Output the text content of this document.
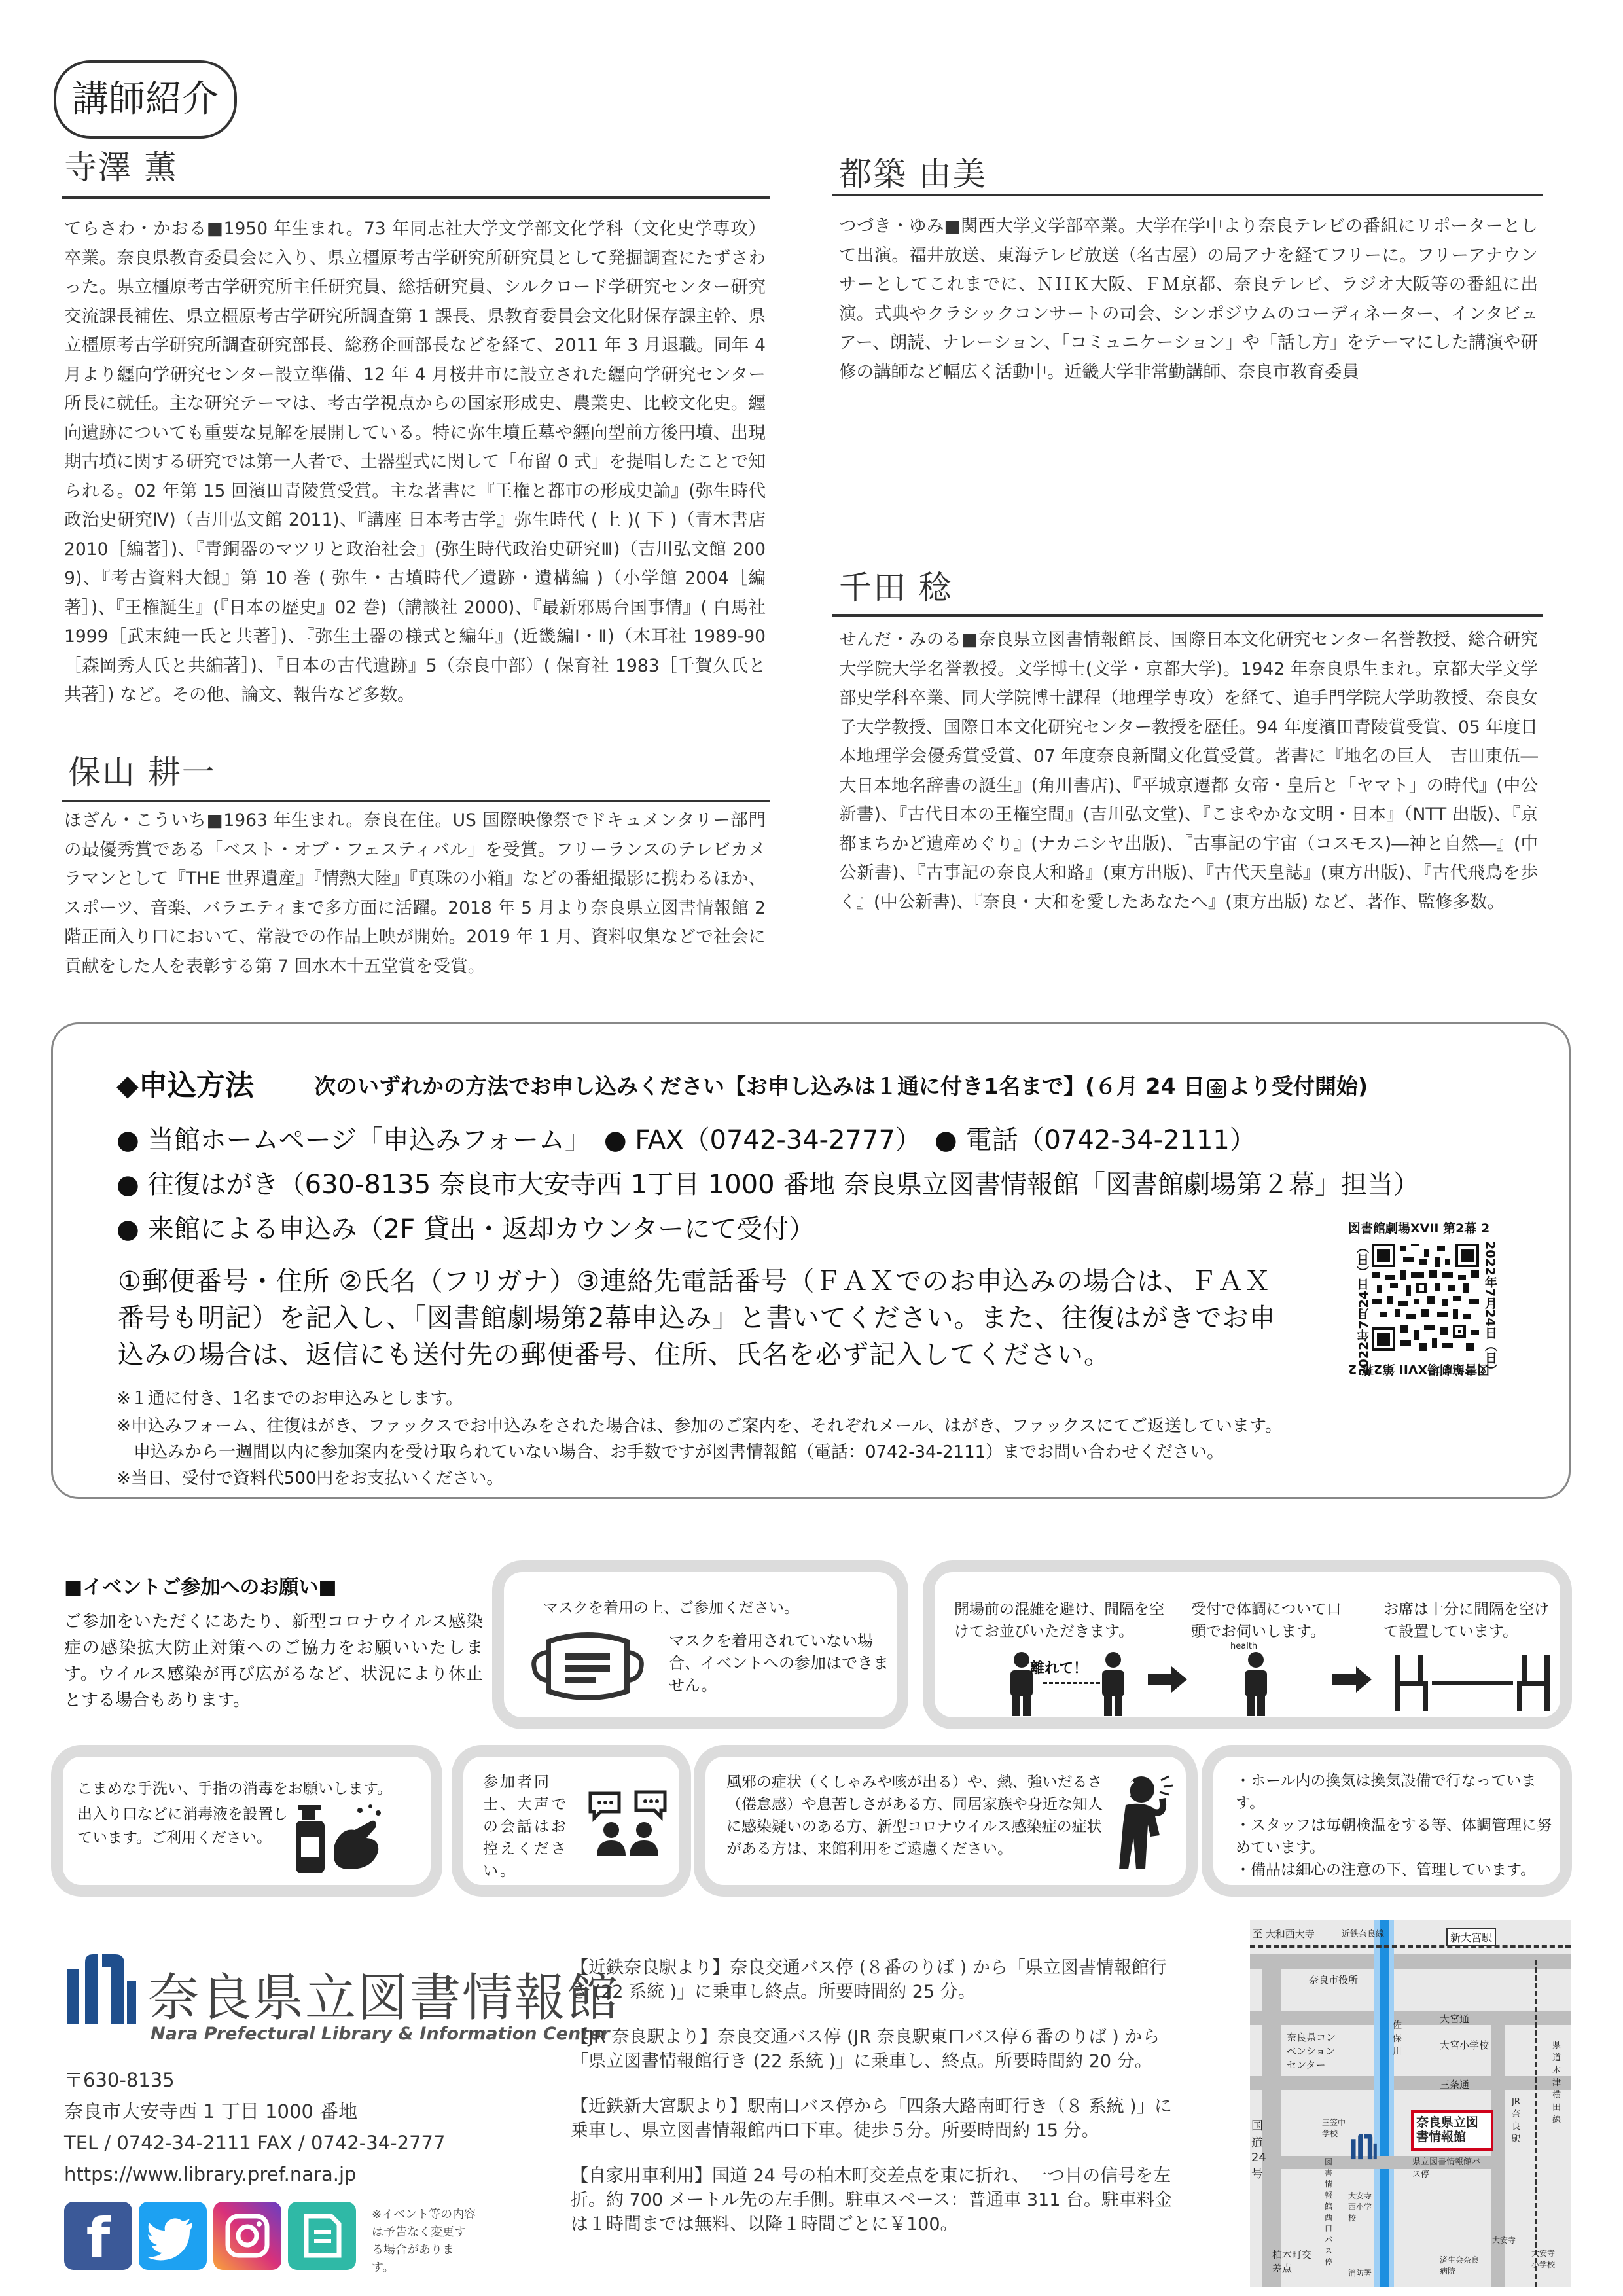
講師紹介
寺澤 薫
てらさわ・かおる■1950 年生まれ。73 年同志社大学文学部文化学科（文化史学専攻）卒業。奈良県教育委員会に入り、県立橿原考古学研究所研究員として発掘調査にたずさわった。県立橿原考古学研究所主任研究員、総括研究員、シルクロード学研究センター研究交流課長補佐、県立橿原考古学研究所調査第 1 課長、県教育委員会文化財保存課主幹、県立橿原考古学研究所調査研究部長、総務企画部長などを経て、2011 年 3 月退職。同年 4 月より纒向学研究センター設立準備、12 年 4 月桜井市に設立された纒向学研究センター所長に就任。主な研究テーマは、考古学視点からの国家形成史、農業史、比較文化史。纒向遺跡についても重要な見解を展開している。特に弥生墳丘墓や纒向型前方後円墳、出現期古墳に関する研究では第一人者で、土器型式に関して「布留 0 式」を提唱したことで知られる。02 年第 15 回濱田青陵賞受賞。主な著書に『王権と都市の形成史論』(弥生時代政治史研究Ⅳ)（吉川弘文館 2011)、『講座 日本考古学』弥生時代 ( 上 )( 下 )（青木書店 2010［編著］)、『青銅器のマツリと政治社会』(弥生時代政治史研究Ⅲ)（吉川弘文館 2009)、『考古資料大観』第 10 巻 ( 弥生・古墳時代／遺跡・遺構編 )（小学館 2004［編著］)、『王権誕生』(『日本の歴史』02 巻)（講談社 2000)、『最新邪馬台国事情』( 白馬社 1999［武末純一氏と共著］)、『弥生土器の様式と編年』(近畿編Ⅰ・Ⅱ)（木耳社 1989-90［森岡秀人氏と共編著］)、『日本の古代遺跡』5（奈良中部）( 保育社 1983［千賀久氏と共著］) など。その他、論文、報告など多数。
保山 耕一
ほざん・こういち■1963 年生まれ。奈良在住。US 国際映像祭でドキュメンタリー部門の最優秀賞である「ベスト・オブ・フェスティバル」を受賞。フリーランスのテレビカメラマンとして『THE 世界遺産』『情熱大陸』『真珠の小箱』などの番組撮影に携わるほか、スポーツ、音楽、バラエティまで多方面に活躍。2018 年 5 月より奈良県立図書情報館 2 階正面入り口において、常設での作品上映が開始。2019 年 1 月、資料収集などで社会に貢献をした人を表彰する第 7 回水木十五堂賞を受賞。
都築 由美
つづき・ゆみ■関西大学文学部卒業。大学在学中より奈良テレビの番組にリポーターとして出演。福井放送、東海テレビ放送（名古屋）の局アナを経てフリーに。フリーアナウンサーとしてこれまでに、ＮＨＫ大阪、ＦＭ京都、奈良テレビ、ラジオ大阪等の番組に出演。式典やクラシックコンサートの司会、シンポジウムのコーディネーター、インタビュアー、朗読、ナレーション、「コミュニケーション」や「話し方」をテーマにした講演や研修の講師など幅広く活動中。近畿大学非常勤講師、奈良市教育委員
千田 稔
せんだ・みのる■奈良県立図書情報館長、国際日本文化研究センター名誉教授、総合研究大学院大学名誉教授。文学博士(文学・京都大学)。1942 年奈良県生まれ。京都大学文学部史学科卒業、同大学院博士課程（地理学専攻）を経て、追手門学院大学助教授、奈良女子大学教授、国際日本文化研究センター教授を歴任。94 年度濱田青陵賞受賞、05 年度日本地理学会優秀賞受賞、07 年度奈良新聞文化賞受賞。著書に『地名の巨人　吉田東伍―大日本地名辞書の誕生』(角川書店)、『平城京遷都 女帝・皇后と「ヤマト」の時代』(中公新書)、『古代日本の王権空間』(吉川弘文堂)、『こまやかな文明・日本』（NTT 出版)、『京都まちかど遺産めぐり』(ナカニシヤ出版)、『古事記の宇宙（コスモス)―神と自然―』(中公新書)、『古事記の奈良大和路』(東方出版)、『古代天皇誌』(東方出版)、『古代飛鳥を歩く』(中公新書)、『奈良・大和を愛したあなたへ』(東方出版) など、著作、監修多数。
◆申込方法	次のいずれかの方法でお申し込みください【お申し込みは１通に付き1名まで】(６月 24 日 金 より受付開始)
● 当館ホームページ「申込みフォーム」　● FAX（0742-34-2777）　● 電話（0742-34-2111）
● 往復はがき（630-8135 奈良市大安寺西 1丁目 1000 番地 奈良県立図書情報館「図書館劇場第２幕」担当）
● 来館による申込み（2F 貸出・返却カウンターにて受付）
①郵便番号・住所 ②氏名（フリガナ）③連絡先電話番号（ＦＡＸでのお申込みの場合は、ＦＡＸ番号も明記）を記入し、「図書館劇場第2幕申込み」と書いてください。また、往復はがきでお申込みの場合は、返信にも送付先の郵便番号、住所、氏名を必ず記入してください。
※１通に付き、1名までのお申込みとします。
※申込みフォーム、往復はがき、ファックスでお申込みをされた場合は、参加のご案内を、それぞれメール、はがき、ファックスにてご返送しています。
　申込みから一週間以内に参加案内を受け取られていない場合、お手数ですが図書情報館（電話：0742-34-2111）までお問い合わせください。
※当日、受付で資料代500円をお支払いください。
図書館劇場XVII 第2幕 2
2022年7月24日（日）
2022年7月24日（日）
図書館劇場XVII 第2幕 2
■イベントご参加へのお願い■
ご参加をいただくにあたり、新型コロナウイルス感染症の感染拡大防止対策へのご協力をお願いいたします。ウイルス感染が再び広がるなど、状況により休止とする場合もあります。
マスクを着用の上、ご参加ください。
マスクを着用されていない場合、イベントへの参加はできません。
開場前の混雑を避け、間隔を空けてお並びいただきます。
受付で体調について口頭でお伺いします。
お席は十分に間隔を空けて設置しています。
離れて！
health
こまめな手洗い、手指の消毒をお願いします。
出入り口などに消毒液を設置しています。ご利用ください。
参加者同士、大声での会話はお控えください。
風邪の症状（くしゃみや咳が出る）や、熱、強いだるさ（倦怠感）や息苦しさがある方、同居家族や身近な知人に感染疑いのある方、新型コロナウイルス感染症の症状がある方は、来館利用をご遠慮ください。
・ホール内の換気は換気設備で行なっています。
・スタッフは毎朝検温をする等、体調管理に努めています。
・備品は細心の注意の下、管理しています。
奈良県立図書情報館
Nara Prefectural Library & Information Center
〒630-8135
奈良市大安寺西 1 丁目 1000 番地
TEL / 0742-34-2111 FAX / 0742-34-2777
https://www.library.pref.nara.jp
f	※イベント等の内容は予告なく変更する場合があります。
【近鉄奈良駅より】奈良交通バス停 (８番のりば ) から「県立図書情報館行き (22 系統 )」に乗車し終点。所要時間約 25 分。
【JR 奈良駅より】奈良交通バス停 (JR 奈良駅東口バス停６番のりば ) から「県立図書情報館行き (22 系統 )」に乗車し、終点。所要時間約 20 分。
【近鉄新大宮駅より】駅南口バス停から「四条大路南町行き（８ 系統 )」に乗車し、県立図書情報館西口下車。徒歩５分。所要時間約 15 分。
【自家用車利用】国道 24 号の柏木町交差点を東に折れ、一つ目の信号を左折。約 700 メートル先の左手側。駐車スペース：普通車 311 台。駐車料金は１時間までは無料、以降１時間ごとに￥100。
奈良県立図書情報館
至 大和西大寺	近鉄奈良線	新大宮駅
奈良市役所
大宮通
大宮小学校
奈良県コンベンションセンター
三条通
佐保川
JR奈良駅
県道木津横田線
国道24号
三笠中学校
図書情報館西口バス停
県立図書情報館バス停
大安寺西小学校
柏木町交差点	消防署
済生会奈良病院
大安寺
大安寺小学校
